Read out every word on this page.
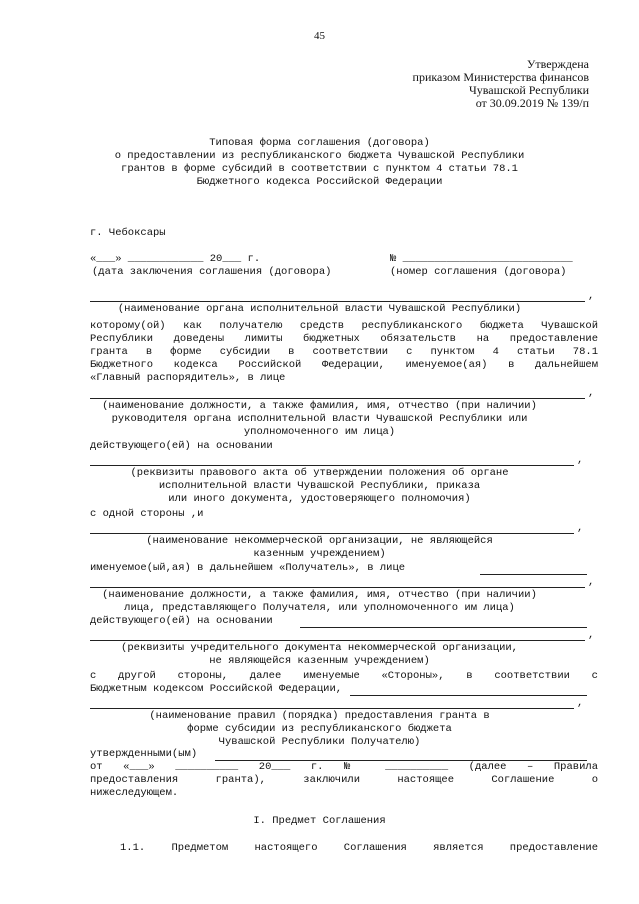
45
Утверждена
приказом Министерства финансов
Чувашской Республики
от 30.09.2019 № 139/п
Типовая форма соглашения (договора)
о предоставлении из республиканского бюджета Чувашской Республики
грантов в форме субсидий в соответствии с пунктом 4 статьи 78.1
Бюджетного кодекса Российской Федерации
г. Чебоксары
«___» ____________ 20___ г.	№ ___________________________
(дата заключения соглашения (договора)	(номер соглашения (договора)
,
(наименование органа исполнительной власти Чувашской Республики)
которому(ой) как получателю средств республиканского бюджета Чувашской
Республики доведены лимиты бюджетных обязательств на предоставление
гранта в форме субсидии в соответствии с пунктом 4 статьи 78.1
Бюджетного кодекса Российской Федерации, именуемое(ая) в дальнейшем
«Главный распорядитель», в лице
,
(наименование должности, а также фамилия, имя, отчество (при наличии)
руководителя органа исполнительной власти Чувашской Республики или
уполномоченного им лица)
действующего(ей) на основании
,
(реквизиты правового акта об утверждении положения об органе
исполнительной власти Чувашской Республики, приказа
или иного документа, удостоверяющего полномочия)
с одной стороны ,и
,
(наименование некоммерческой организации, не являющейся
казенным учреждением)
именуемое(ый,ая) в дальнейшем «Получатель», в лице
,
(наименование должности, а также фамилия, имя, отчество (при наличии)
лица, представляющего Получателя, или уполномоченного им лица)
действующего(ей) на основании
,
(реквизиты учредительного документа некоммерческой организации,
не являющейся казенным учреждением)
с другой стороны, далее именуемые «Стороны», в соответствии с
Бюджетным кодексом Российской Федерации,
,
(наименование правил (порядка) предоставления гранта в
форме субсидии из республиканского бюджета
Чувашской Республики Получателю)
утвержденными(ым)
от «___» __________ 20___ г. № __________ (далее – Правила
предоставления гранта), заключили настоящее Соглашение о
нижеследующем.
I. Предмет Соглашения
1.1. Предметом настоящего Соглашения является предоставление
